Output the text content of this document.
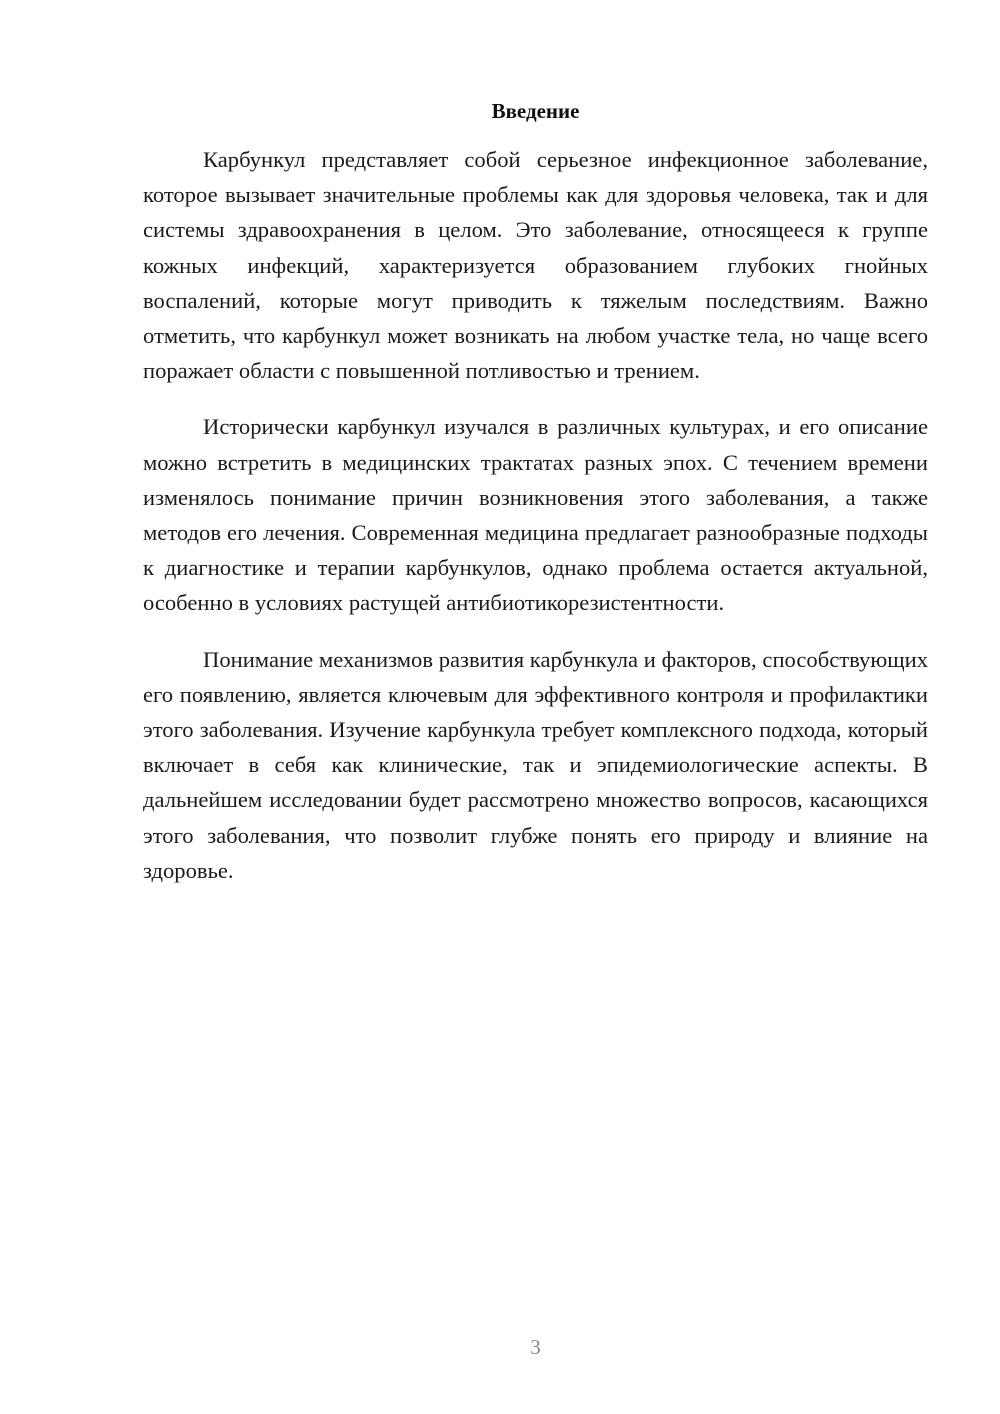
Введение

Карбункул представляет собой серьезное инфекционное заболевание, которое вызывает значительные проблемы как для здоровья человека, так и для системы здравоохранения в целом. Это заболевание, относящееся к группе кожных инфекций, характеризуется образованием глубоких гнойных воспалений, которые могут приводить к тяжелым последствиям. Важно отметить, что карбункул может возникать на любом участке тела, но чаще всего поражает области с повышенной потливостью и трением.

Исторически карбункул изучался в различных культурах, и его описание можно встретить в медицинских трактатах разных эпох. С течением времени изменялось понимание причин возникновения этого заболевания, а также методов его лечения. Современная медицина предлагает разнообразные подходы к диагностике и терапии карбункулов, однако проблема остается актуальной, особенно в условиях растущей антибиотикорезистентности.

Понимание механизмов развития карбункула и факторов, способствующих его появлению, является ключевым для эффективного контроля и профилактики этого заболевания. Изучение карбункула требует комплексного подхода, который включает в себя как клинические, так и эпидемиологические аспекты. В дальнейшем исследовании будет рассмотрено множество вопросов, касающихся этого заболевания, что позволит глубже понять его природу и влияние на здоровье.

3
